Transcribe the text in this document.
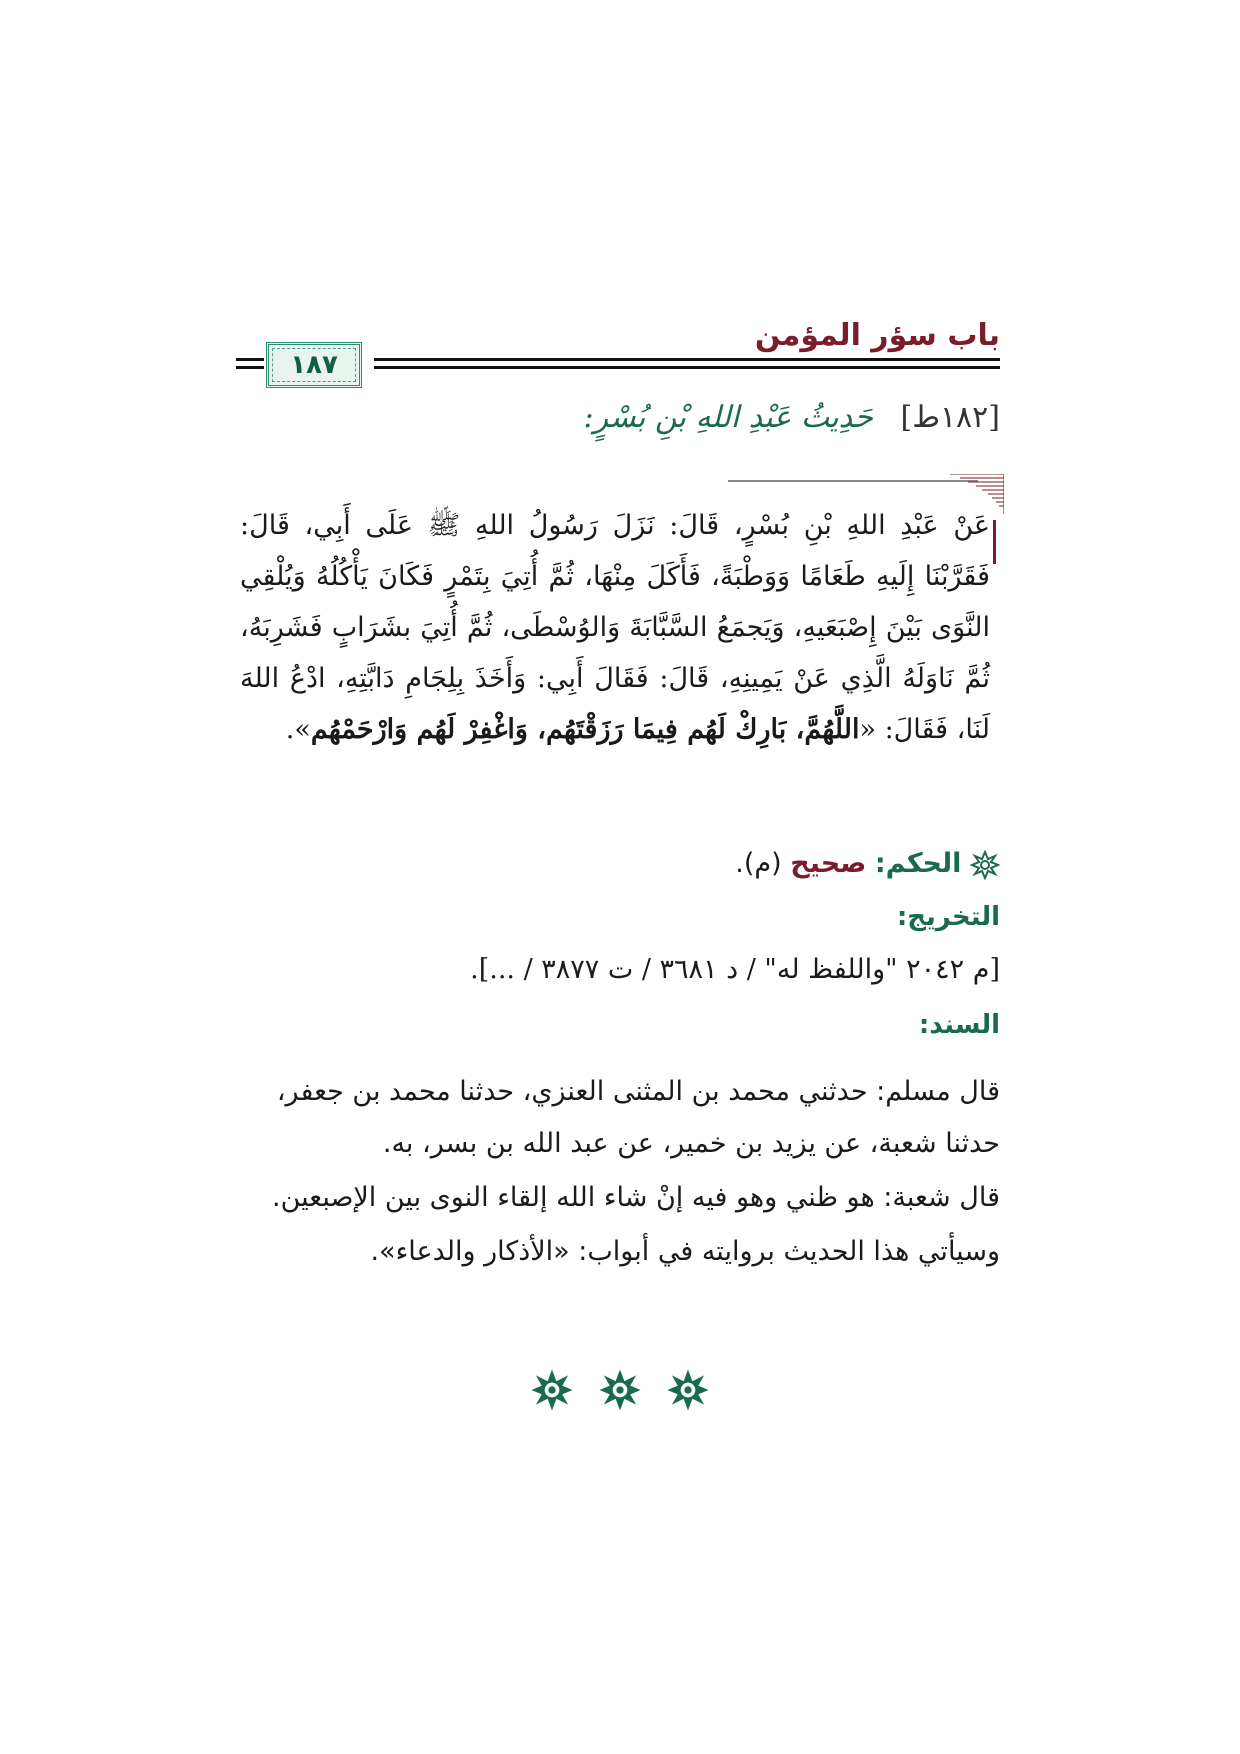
باب سؤر المؤمن
١٨٧
[١٨٢ط] حَدِيثُ عَبْدِ اللهِ بْنِ بُسْرٍ:
عَنْ عَبْدِ اللهِ بْنِ بُسْرٍ، قَالَ: نَزَلَ رَسُولُ اللهِ ﷺ عَلَى أَبِي، قَالَ: فَقَرَّبْنَا إِلَيهِ طَعَامًا وَوَطْبَةً، فَأَكَلَ مِنْهَا، ثُمَّ أُتِيَ بِتَمْرٍ فَكَانَ يَأْكُلُهُ وَيُلْقِي النَّوَى بَيْنَ إِصْبَعَيهِ، وَيَجمَعُ السَّبَّابَةَ وَالوُسْطَى، ثُمَّ أُتِيَ بشَرَابٍ فَشَرِبَهُ، ثُمَّ نَاوَلَهُ الَّذِي عَنْ يَمِينِهِ، قَالَ: فَقَالَ أَبِي: وَأَخَذَ بِلِجَامِ دَابَّتِهِ، ادْعُ اللهَ لَنَا، فَقَالَ: «اللَّهُمَّ، بَارِكْ لَهُم فِيمَا رَزَقْتَهُم، وَاغْفِرْ لَهُم وَارْحَمْهُم».
الحكم: صحيح (م).
التخريج:
[م ٢٠٤٢ "واللفظ له" / د ٣٦٨١ / ت ٣٨٧٧ / ...].
السند:
قال مسلم: حدثني محمد بن المثنى العنزي، حدثنا محمد بن جعفر، حدثنا شعبة، عن يزيد بن خمير، عن عبد الله بن بسر، به.
قال شعبة: هو ظني وهو فيه إنْ شاء الله إلقاء النوى بين الإصبعين.
وسيأتي هذا الحديث بروايته في أبواب: «الأذكار والدعاء».
